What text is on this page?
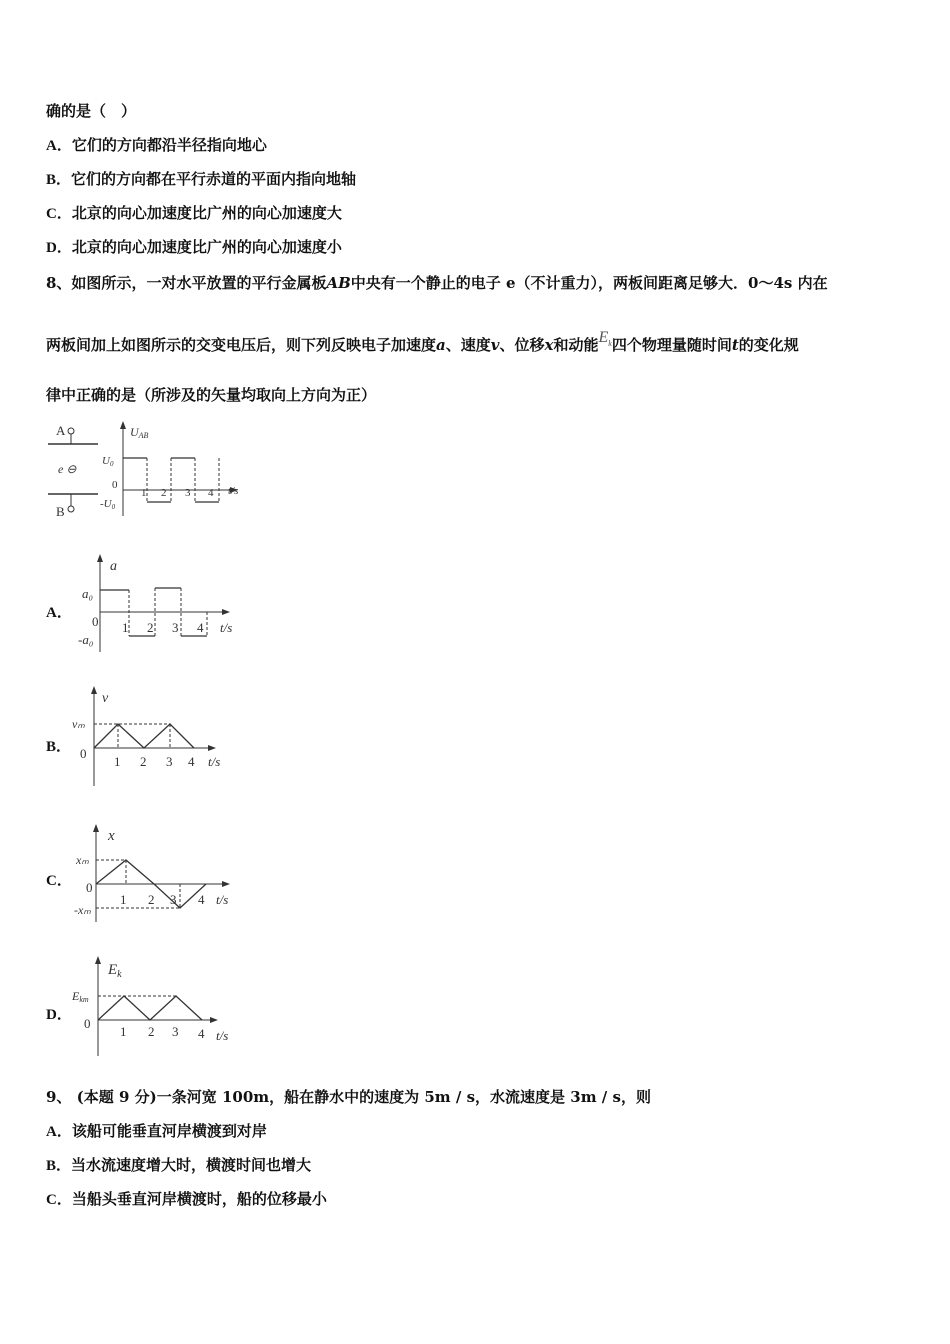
确的是（　）
A．它们的方向都沿半径指向地心
B．它们的方向都在平行赤道的平面内指向地轴
C．北京的向心加速度比广州的向心加速度大
D．北京的向心加速度比广州的向心加速度小
8、如图所示，一对水平放置的平行金属板AB中央有一个静止的电子 e（不计重力），两板间距离足够大．0～4s 内在
两板间加上如图所示的交变电压后，则下列反映电子加速度a、速度v、位移x和动能$E_k$四个物理量随时间t的变化规
律中正确的是（所涉及的矢量均取向上方向为正）
A
e ⊖
B
UAB
U0
0
-U0
t/s
1 2 3 4
A．
a
a₀
0
-a₀
t/s
1 2 3 4
B．
v
vₘ
0
t/s
1 2 3 4
C．
x
xₘ
0
-xₘ
t/s
1 2 3 4
D．
$E_k$
Ekm
0
t/s
1 2 3 4
9、 (本题 9 分)一条河宽 100m，船在静水中的速度为 5m / s，水流速度是 3m / s，则
A．该船可能垂直河岸横渡到对岸
B．当水流速度增大时，横渡时间也增大
C．当船头垂直河岸横渡时，船的位移最小
